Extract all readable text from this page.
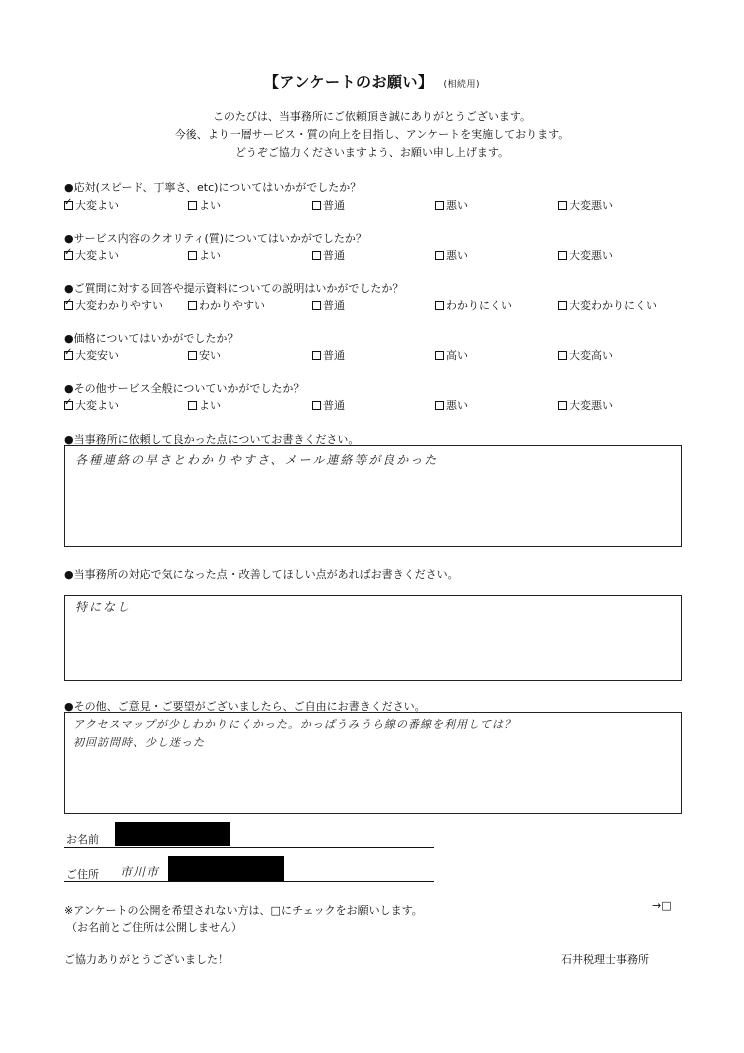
【アンケートのお願い】 (相続用)
このたびは、当事務所にご依頼頂き誠にありがとうございます。
今後、より一層サービス・質の向上を目指し、アンケートを実施しております。
どうぞご協力くださいますよう、お願い申し上げます。
●応対(スピード、丁寧さ、etc)についてはいかがでしたか？
✓大変よい	よい	普通	悪い	大変悪い
●サービス内容のクオリティ(質)についてはいかがでしたか？
✓大変よい	よい	普通	悪い	大変悪い
●ご質問に対する回答や提示資料についての説明はいかがでしたか？
✓大変わかりやすい	わかりやすい	普通	わかりにくい	大変わかりにくい
●価格についてはいかがでしたか？
✓大変安い	安い	普通	高い	大変高い
●その他サービス全般についていかがでしたか？
✓大変よい	よい	普通	悪い	大変悪い
●当事務所に依頼して良かった点についてお書きください。
各種連絡の早さとわかりやすさ、メール連絡等が良かった
●当事務所の対応で気になった点・改善してほしい点があればお書きください。
特になし
●その他、ご意見・ご要望がございましたら、ご自由にお書きください。
アクセスマップが少しわかりにくかった。かっぱうみうら線の番線を利用しては？
初回訪問時、少し迷った
お名前
ご住所 市川市
※アンケートの公開を希望されない方は、□にチェックをお願いします。
（お名前とご住所は公開しません）
→□
ご協力ありがとうございました！	石井税理士事務所
